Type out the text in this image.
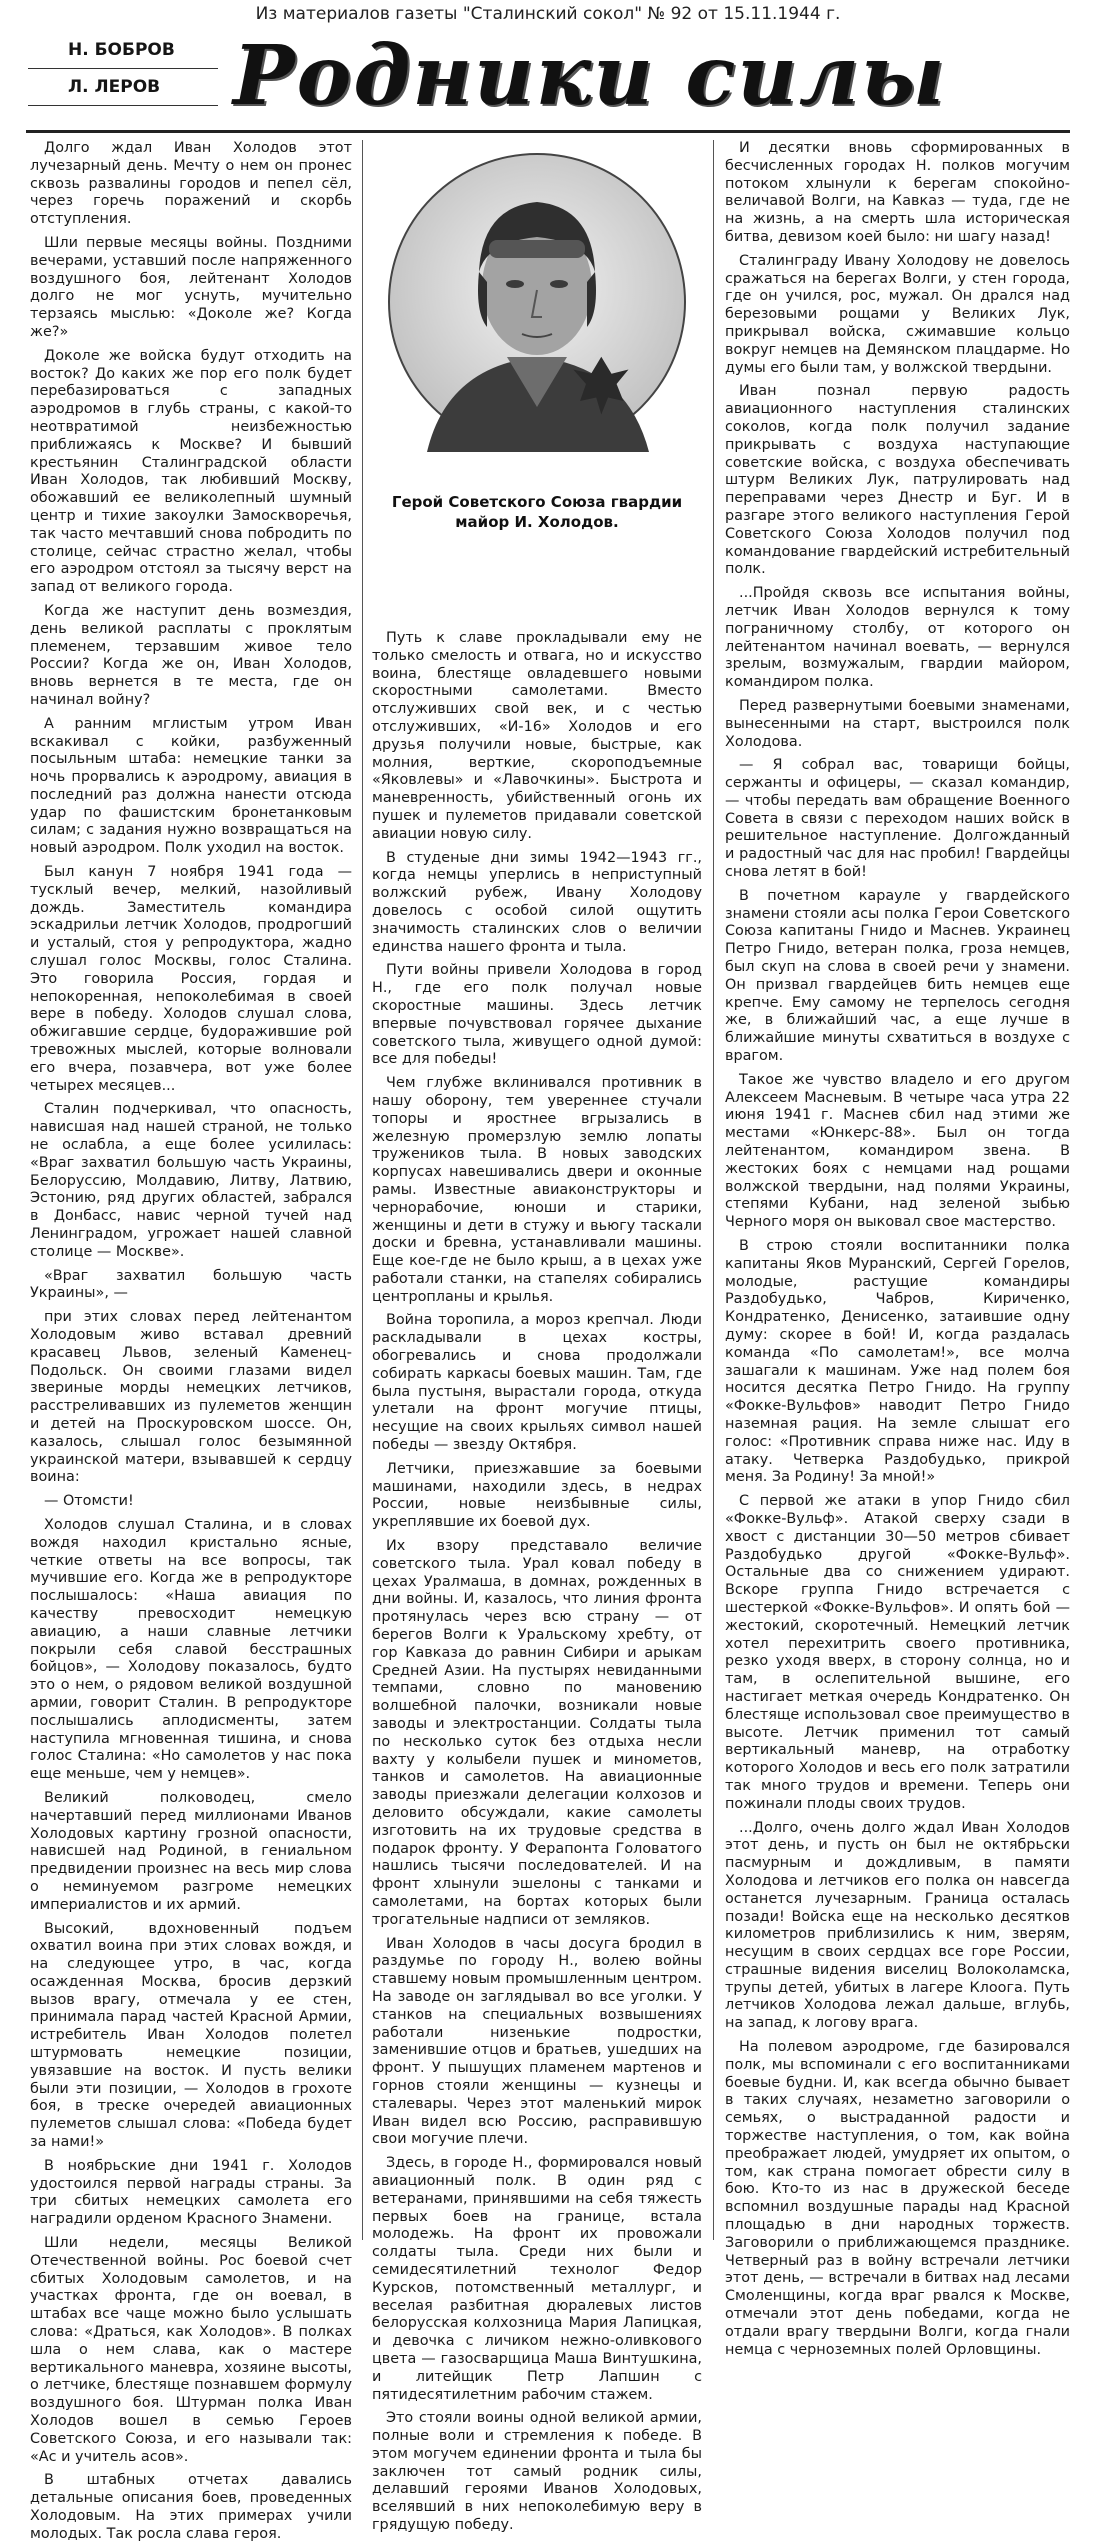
Из материалов газеты "Сталинский сокол" № 92 от 15.11.1944 г.
Н. БОБРОВ
Л. ЛЕРОВ Родники силы

Долго ждал Иван Холодов этот лучезарный день. Мечту о нем он пронес сквозь развалины городов и пепел сёл, через горечь поражений и скорбь отступления.

Шли первые месяцы войны. Поздними вечерами, уставший после напряженного воздушного боя, лейтенант Холодов долго не мог уснуть, мучительно терзаясь мыслью: «Доколе же? Когда же?»

Доколе же войска будут отходить на восток? До каких же пор его полк будет перебазироваться с западных аэродромов в глубь страны, с какой-то неотвратимой неизбежностью приближаясь к Москве? И бывший крестьянин Сталинградской области Иван Холодов, так любивший Москву, обожавший ее великолепный шумный центр и тихие закоулки Замоскворечья, так часто мечтавший снова побродить по столице, сейчас страстно желал, чтобы его аэродром отстоял за тысячу верст на запад от великого города.

Когда же наступит день возмездия, день великой расплаты с проклятым племенем, терзавшим живое тело России? Когда же он, Иван Холодов, вновь вернется в те места, где он начинал войну?

А ранним мглистым утром Иван вскакивал с койки, разбуженный посыльным штаба: немецкие танки за ночь прорвались к аэродрому, авиация в последний раз должна нанести отсюда удар по фашистским бронетанковым силам; с задания нужно возвращаться на новый аэродром. Полк уходил на восток.

Был канун 7 ноября 1941 года — тусклый вечер, мелкий, назойливый дождь. Заместитель командира эскадрильи летчик Холодов, продрогший и усталый, стоя у репродуктора, жадно слушал голос Москвы, голос Сталина. Это говорила Россия, гордая и непокоренная, непоколебимая в своей вере в победу. Холодов слушал слова, обжигавшие сердце, будоражившие рой тревожных мыслей, которые волновали его вчера, позавчера, вот уже более четырех месяцев...

Сталин подчеркивал, что опасность, нависшая над нашей страной, не только не ослабла, а еще более усилилась: «Враг захватил большую часть Украины, Белоруссию, Молдавию, Литву, Латвию, Эстонию, ряд других областей, забрался в Донбасс, навис черной тучей над Ленинградом, угрожает нашей славной столице — Москве».

«Враг захватил большую часть Украины», —

при этих словах перед лейтенантом Холодовым живо вставал древний красавец Львов, зеленый Каменец-Подольск. Он своими глазами видел звериные морды немецких летчиков, расстреливавших из пулеметов женщин и детей на Проскуровском шоссе. Он, казалось, слышал голос безымянной украинской матери, взывавшей к сердцу воина:

— Отомсти!

Холодов слушал Сталина, и в словах вождя находил кристально ясные, четкие ответы на все вопросы, так мучившие его. Когда же в репродукторе послышалось: «Наша авиация по качеству превосходит немецкую авиацию, а наши славные летчики покрыли себя славой бесстрашных бойцов», — Холодову показалось, будто это о нем, о рядовом великой воздушной армии, говорит Сталин. В репродукторе послышались аплодисменты, затем наступила мгновенная тишина, и снова голос Сталина: «Но самолетов у нас пока еще меньше, чем у немцев».

Великий полководец, смело начертавший перед миллионами Иванов Холодовых картину грозной опасности, нависшей над Родиной, в гениальном предвидении произнес на весь мир слова о неминуемом разгроме немецких империалистов и их армий.

Высокий, вдохновенный подъем охватил воина при этих словах вождя, и на следующее утро, в час, когда осажденная Москва, бросив дерзкий вызов врагу, отмечала у ее стен, принимала парад частей Красной Армии, истребитель Иван Холодов полетел штурмовать немецкие позиции, увязавшие на восток. И пусть велики были эти позиции, — Холодов в грохоте боя, в треске очередей авиационных пулеметов слышал слова: «Победа будет за нами!»

В ноябрьские дни 1941 г. Холодов удостоился первой награды страны. За три сбитых немецких самолета его наградили орденом Красного Знамени.

Шли недели, месяцы Великой Отечественной войны. Рос боевой счет сбитых Холодовым самолетов, и на участках фронта, где он воевал, в штабах все чаще можно было услышать слова: «Драться, как Холодов». В полках шла о нем слава, как о мастере вертикального маневра, хозяине высоты, о летчике, блестяще познавшем формулу воздушного боя. Штурман полка Иван Холодов вошел в семью Героев Советского Союза, и его называли так: «Ас и учитель асов».

В штабных отчетах давались детальные описания боев, проведенных Холодовым. На этих примерах учили молодых. Так росла слава героя.

Герой Советского Союза гвардии майор И. Холодов.

Путь к славе прокладывали ему не только смелость и отвага, но и искусство воина, блестяще овладевшего новыми скоростными самолетами. Вместо отслуживших свой век, и с честью отслуживших, «И-16» Холодов и его друзья получили новые, быстрые, как молния, верткие, скороподъемные «Яковлевы» и «Лавочкины». Быстрота и маневренность, убийственный огонь их пушек и пулеметов придавали советской авиации новую силу.

В студеные дни зимы 1942—1943 гг., когда немцы уперлись в неприступный волжский рубеж, Ивану Холодову довелось с особой силой ощутить значимость сталинских слов о величии единства нашего фронта и тыла.

Пути войны привели Холодова в город Н., где его полк получал новые скоростные машины. Здесь летчик впервые почувствовал горячее дыхание советского тыла, живущего одной думой: все для победы!

Чем глубже вклинивался противник в нашу оборону, тем увереннее стучали топоры и яростнее вгрызались в железную промерзлую землю лопаты тружеников тыла. В новых заводских корпусах навешивались двери и оконные рамы. Известные авиаконструкторы и чернорабочие, юноши и старики, женщины и дети в стужу и вьюгу таскали доски и бревна, устанавливали машины. Еще кое-где не было крыш, а в цехах уже работали станки, на стапелях собирались центропланы и крылья.

Война торопила, а мороз крепчал. Люди раскладывали в цехах костры, обогревались и снова продолжали собирать каркасы боевых машин. Там, где была пустыня, вырастали города, откуда улетали на фронт могучие птицы, несущие на своих крыльях символ нашей победы — звезду Октября.

Летчики, приезжавшие за боевыми машинами, находили здесь, в недрах России, новые неизбывные силы, укреплявшие их боевой дух.

Их взору представало величие советского тыла. Урал ковал победу в цехах Уралмаша, в домнах, рожденных в дни войны. И, казалось, что линия фронта протянулась через всю страну — от берегов Волги к Уральскому хребту, от гор Кавказа до равнин Сибири и арыкам Средней Азии. На пустырях невиданными темпами, словно по мановению волшебной палочки, возникали новые заводы и электростанции. Солдаты тыла по несколько суток без отдыха несли вахту у колыбели пушек и минометов, танков и самолетов. На авиационные заводы приезжали делегации колхозов и деловито обсуждали, какие самолеты изготовить на их трудовые средства в подарок фронту. У Ферапонта Головатого нашлись тысячи последователей. И на фронт хлынули эшелоны с танками и самолетами, на бортах которых были трогательные надписи от земляков.

Иван Холодов в часы досуга бродил в раздумье по городу Н., волею войны ставшему новым промышленным центром. На заводе он заглядывал во все уголки. У станков на специальных возвышениях работали низенькие подростки, заменившие отцов и братьев, ушедших на фронт. У пышущих пламенем мартенов и горнов стояли женщины — кузнецы и сталевары. Через этот маленький мирок Иван видел всю Россию, расправившую свои могучие плечи.

Здесь, в городе Н., формировался новый авиационный полк. В один ряд с ветеранами, принявшими на себя тяжесть первых боев на границе, встала молодежь. На фронт их провожали солдаты тыла. Среди них были и семидесятилетний технолог Федор Курсков, потомственный металлург, и веселая разбитная дюралевых листов белорусская колхозница Мария Лапицкая, и девочка с личиком нежно-оливкового цвета — газосварщица Маша Винтушкина, и литейщик Петр Лапшин с пятидесятилетним рабочим стажем.

Это стояли воины одной великой армии, полные воли и стремления к победе. В этом могучем единении фронта и тыла бы заключен тот самый родник силы, делавший героями Иванов Холодовых, вселявший в них непоколебимую веру в грядущую победу.

И десятки вновь сформированных в бесчисленных городах Н. полков могучим потоком хлынули к берегам спокойно-величавой Волги, на Кавказ — туда, где не на жизнь, а на смерть шла историческая битва, девизом коей было: ни шагу назад!

Сталинграду Ивану Холодову не довелось сражаться на берегах Волги, у стен города, где он учился, рос, мужал. Он дрался над березовыми рощами у Великих Лук, прикрывал войска, сжимавшие кольцо вокруг немцев на Демянском плацдарме. Но думы его были там, у волжской твердыни.

Иван познал первую радость авиационного наступления сталинских соколов, когда полк получил задание прикрывать с воздуха наступающие советские войска, с воздуха обеспечивать штурм Великих Лук, патрулировать над переправами через Днестр и Буг. И в разгаре этого великого наступления Герой Советского Союза Холодов получил под командование гвардейский истребительный полк.

...Пройдя сквозь все испытания войны, летчик Иван Холодов вернулся к тому пограничному столбу, от которого он лейтенантом начинал воевать, — вернулся зрелым, возмужалым, гвардии майором, командиром полка.

Перед развернутыми боевыми знаменами, вынесенными на старт, выстроился полк Холодова.

— Я собрал вас, товарищи бойцы, сержанты и офицеры, — сказал командир, — чтобы передать вам обращение Военного Совета в связи с переходом наших войск в решительное наступление. Долгожданный и радостный час для нас пробил! Гвардейцы снова летят в бой!

В почетном карауле у гвардейского знамени стояли асы полка Герои Советского Союза капитаны Гнидо и Маснев. Украинец Петро Гнидо, ветеран полка, гроза немцев, был скуп на слова в своей речи у знамени. Он призвал гвардейцев бить немцев еще крепче. Ему самому не терпелось сегодня же, в ближайший час, а еще лучше в ближайшие минуты схватиться в воздухе с врагом.

Такое же чувство владело и его другом Алексеем Масневым. В четыре часа утра 22 июня 1941 г. Маснев сбил над этими же местами «Юнкерс-88». Был он тогда лейтенантом, командиром звена. В жестоких боях с немцами над рощами волжской твердыни, над полями Украины, степями Кубани, над зеленой зыбью Черного моря он выковал свое мастерство.

В строю стояли воспитанники полка капитаны Яков Муранский, Сергей Горелов, молодые, растущие командиры Раздобудько, Чабров, Кириченко, Кондратенко, Денисенко, затаившие одну думу: скорее в бой! И, когда раздалась команда «По самолетам!», все молча зашагали к машинам. Уже над полем боя носится десятка Петро Гнидо. На группу «Фокке-Вульфов» наводит Петро Гнидо наземная рация. На земле слышат его голос: «Противник справа ниже нас. Иду в атаку. Четверка Раздобудько, прикрой меня. За Родину! За мной!»

С первой же атаки в упор Гнидо сбил «Фокке-Вульф». Атакой сверху сзади в хвост с дистанции 30—50 метров сбивает Раздобудько другой «Фокке-Вульф». Остальные два со снижением удирают. Вскоре группа Гнидо встречается с шестеркой «Фокке-Вульфов». И опять бой — жестокий, скоротечный. Немецкий летчик хотел перехитрить своего противника, резко уходя вверх, в сторону солнца, но и там, в ослепительной вышине, его настигает меткая очередь Кондратенко. Он блестяще использовал свое преимущество в высоте. Летчик применил тот самый вертикальный маневр, на отработку которого Холодов и весь его полк затратили так много трудов и времени. Теперь они пожинали плоды своих трудов.

...Долго, очень долго ждал Иван Холодов этот день, и пусть он был не октябрьски пасмурным и дождливым, в памяти Холодова и летчиков его полка он навсегда останется лучезарным. Граница осталась позади! Войска еще на несколько десятков километров приблизились к ним, зверям, несущим в своих сердцах все горе России, страшные видения виселиц Волоколамска, трупы детей, убитых в лагере Клоога. Путь летчиков Холодова лежал дальше, вглубь, на запад, к логову врага.

На полевом аэродроме, где базировался полк, мы вспоминали с его воспитанниками боевые будни. И, как всегда обычно бывает в таких случаях, незаметно заговорили о семьях, о выстраданной радости и торжестве наступления, о том, как война преображает людей, умудряет их опытом, о том, как страна помогает обрести силу в бою. Кто-то из нас в дружеской беседе вспомнил воздушные парады над Красной площадью в дни народных торжеств. Заговорили о приближающемся празднике. Четверный раз в войну встречали летчики этот день, — встречали в битвах над лесами Смоленщины, когда враг рвался к Москве, отмечали этот день победами, когда не отдали врагу твердыни Волги, когда гнали немца с черноземных полей Орловщины.
